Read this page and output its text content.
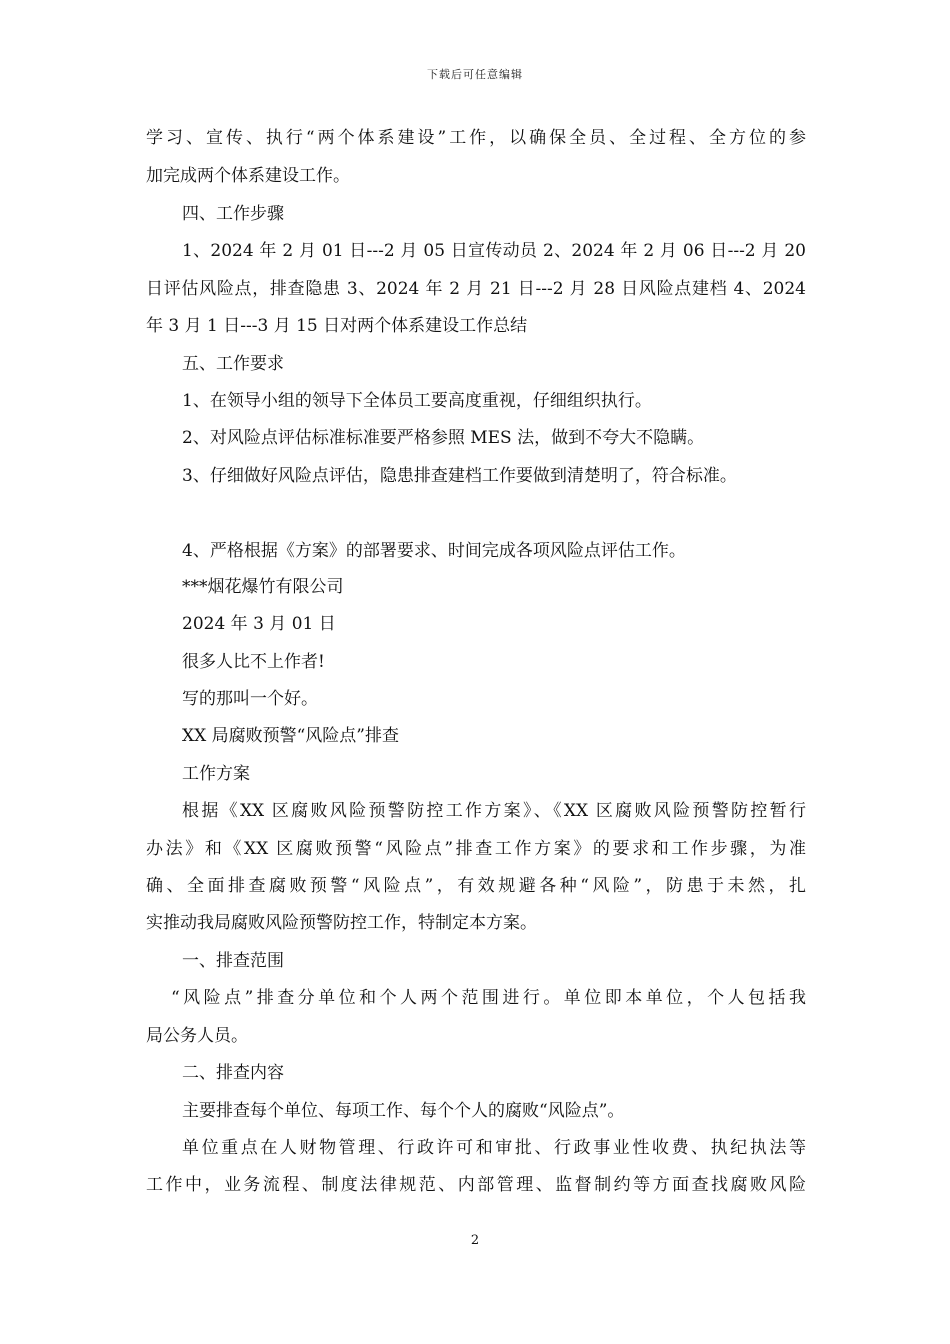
下载后可任意编辑
学习、宣传、执行“两个体系建设”工作，以确保全员、全过程、全方位的参
加完成两个体系建设工作。
四、工作步骤
1、2024 年 2 月 01 日---2 月 05 日宣传动员 2、2024 年 2 月 06 日---2 月 20
日评估风险点，排查隐患 3、2024 年 2 月 21 日---2 月 28 日风险点建档 4、2024
年 3 月 1 日---3 月 15 日对两个体系建设工作总结
五、工作要求
1、在领导小组的领导下全体员工要高度重视，仔细组织执行。
2、对风险点评估标准标准要严格参照 MES 法，做到不夸大不隐瞒。
3、仔细做好风险点评估，隐患排查建档工作要做到清楚明了，符合标准。
4、严格根据《方案》的部署要求、时间完成各项风险点评估工作。
***烟花爆竹有限公司
2024 年 3 月 01 日
很多人比不上作者!
写的那叫一个好。
XX 局腐败预警“风险点”排查
工作方案
根据《XX 区腐败风险预警防控工作方案》、《XX 区腐败风险预警防控暂行
办法》和《XX 区腐败预警“风险点”排查工作方案》的要求和工作步骤，为准
确、全面排查腐败预警“风险点”，有效规避各种“风险”，防患于未然，扎
实推动我局腐败风险预警防控工作，特制定本方案。
一、排查范围
“风险点”排查分单位和个人两个范围进行。单位即本单位，个人包括我
局公务人员。
二、排查内容
主要排查每个单位、每项工作、每个个人的腐败“风险点”。
单位重点在人财物管理、行政许可和审批、行政事业性收费、执纪执法等
工作中，业务流程、制度法律规范、内部管理、监督制约等方面查找腐败风险
2
